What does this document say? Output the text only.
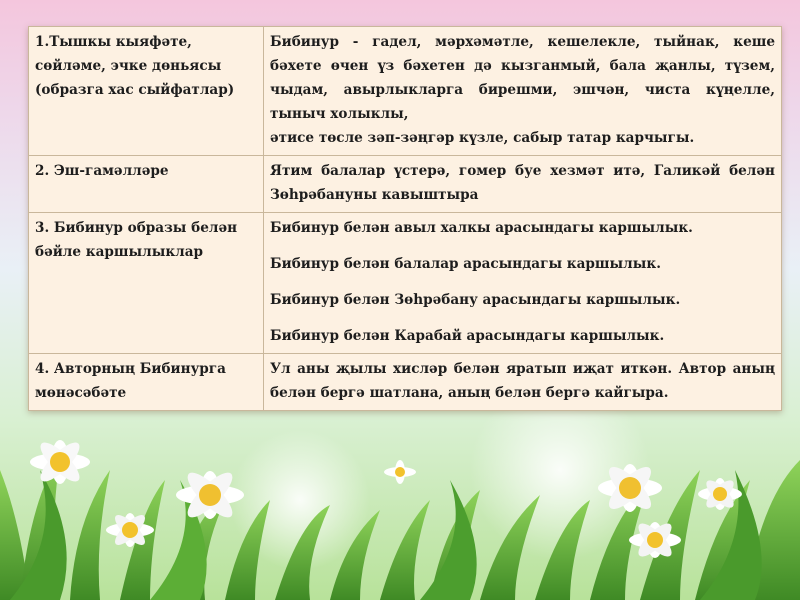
1.Тышкы кыяфәте, сөйләме, эчке дөньясы (образга хас сыйфатлар)	Бибинур - гадел, мәрхәмәтле, кешелекле, тыйнак, кеше бәхете өчен үз бәхетен дә кызганмый, бала җанлы, түзем, чыдам, авырлыкларга бирешми, эшчән, чиста күңелле, тыныч холыклы,
әтисе төсле зәп-зәңгәр күзле, сабыр татар карчыгы.

2. Эш-гамәлләре	Ятим балалар үстерә, гомер буе хезмәт итә, Галикәй белән Зөһрәбануны кавыштыра

3. Бибинур образы белән бәйле каршылыклар	Бибинур белән авыл халкы арасындагы каршылык.
Бибинур белән балалар арасындагы каршылык.
Бибинур белән Зөһрәбану арасындагы каршылык.
Бибинур белән Карабай арасындагы каршылык.

4. Авторның Бибинурга мөнәсәбәте	Ул аны җылы хисләр белән яратып иҗат иткән. Автор аның белән бергә шатлана, аның белән бергә кайгыра.
